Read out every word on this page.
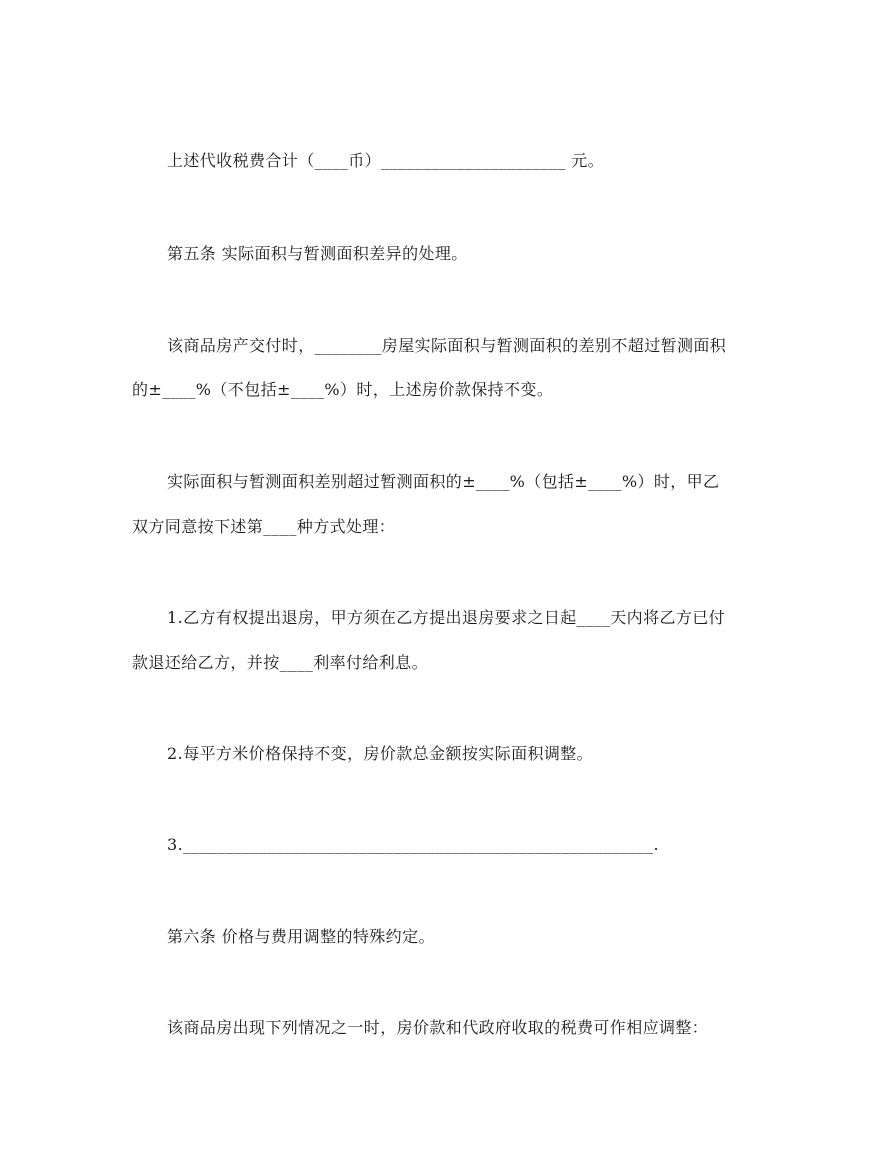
上述代收税费合计（____币）______________________ 元。
第五条 实际面积与暂测面积差异的处理。
该商品房产交付时，________房屋实际面积与暂测面积的差别不超过暂测面积
的±____%（不包括±____%）时，上述房价款保持不变。
实际面积与暂测面积差别超过暂测面积的±____%（包括±____%）时，甲乙
双方同意按下述第____种方式处理：
1.乙方有权提出退房，甲方须在乙方提出退房要求之日起____天内将乙方已付
款退还给乙方，并按____利率付给利息。
2.每平方米价格保持不变，房价款总金额按实际面积调整。
3.________________________________________________________.
第六条 价格与费用调整的特殊约定。
该商品房出现下列情况之一时，房价款和代政府收取的税费可作相应调整：
